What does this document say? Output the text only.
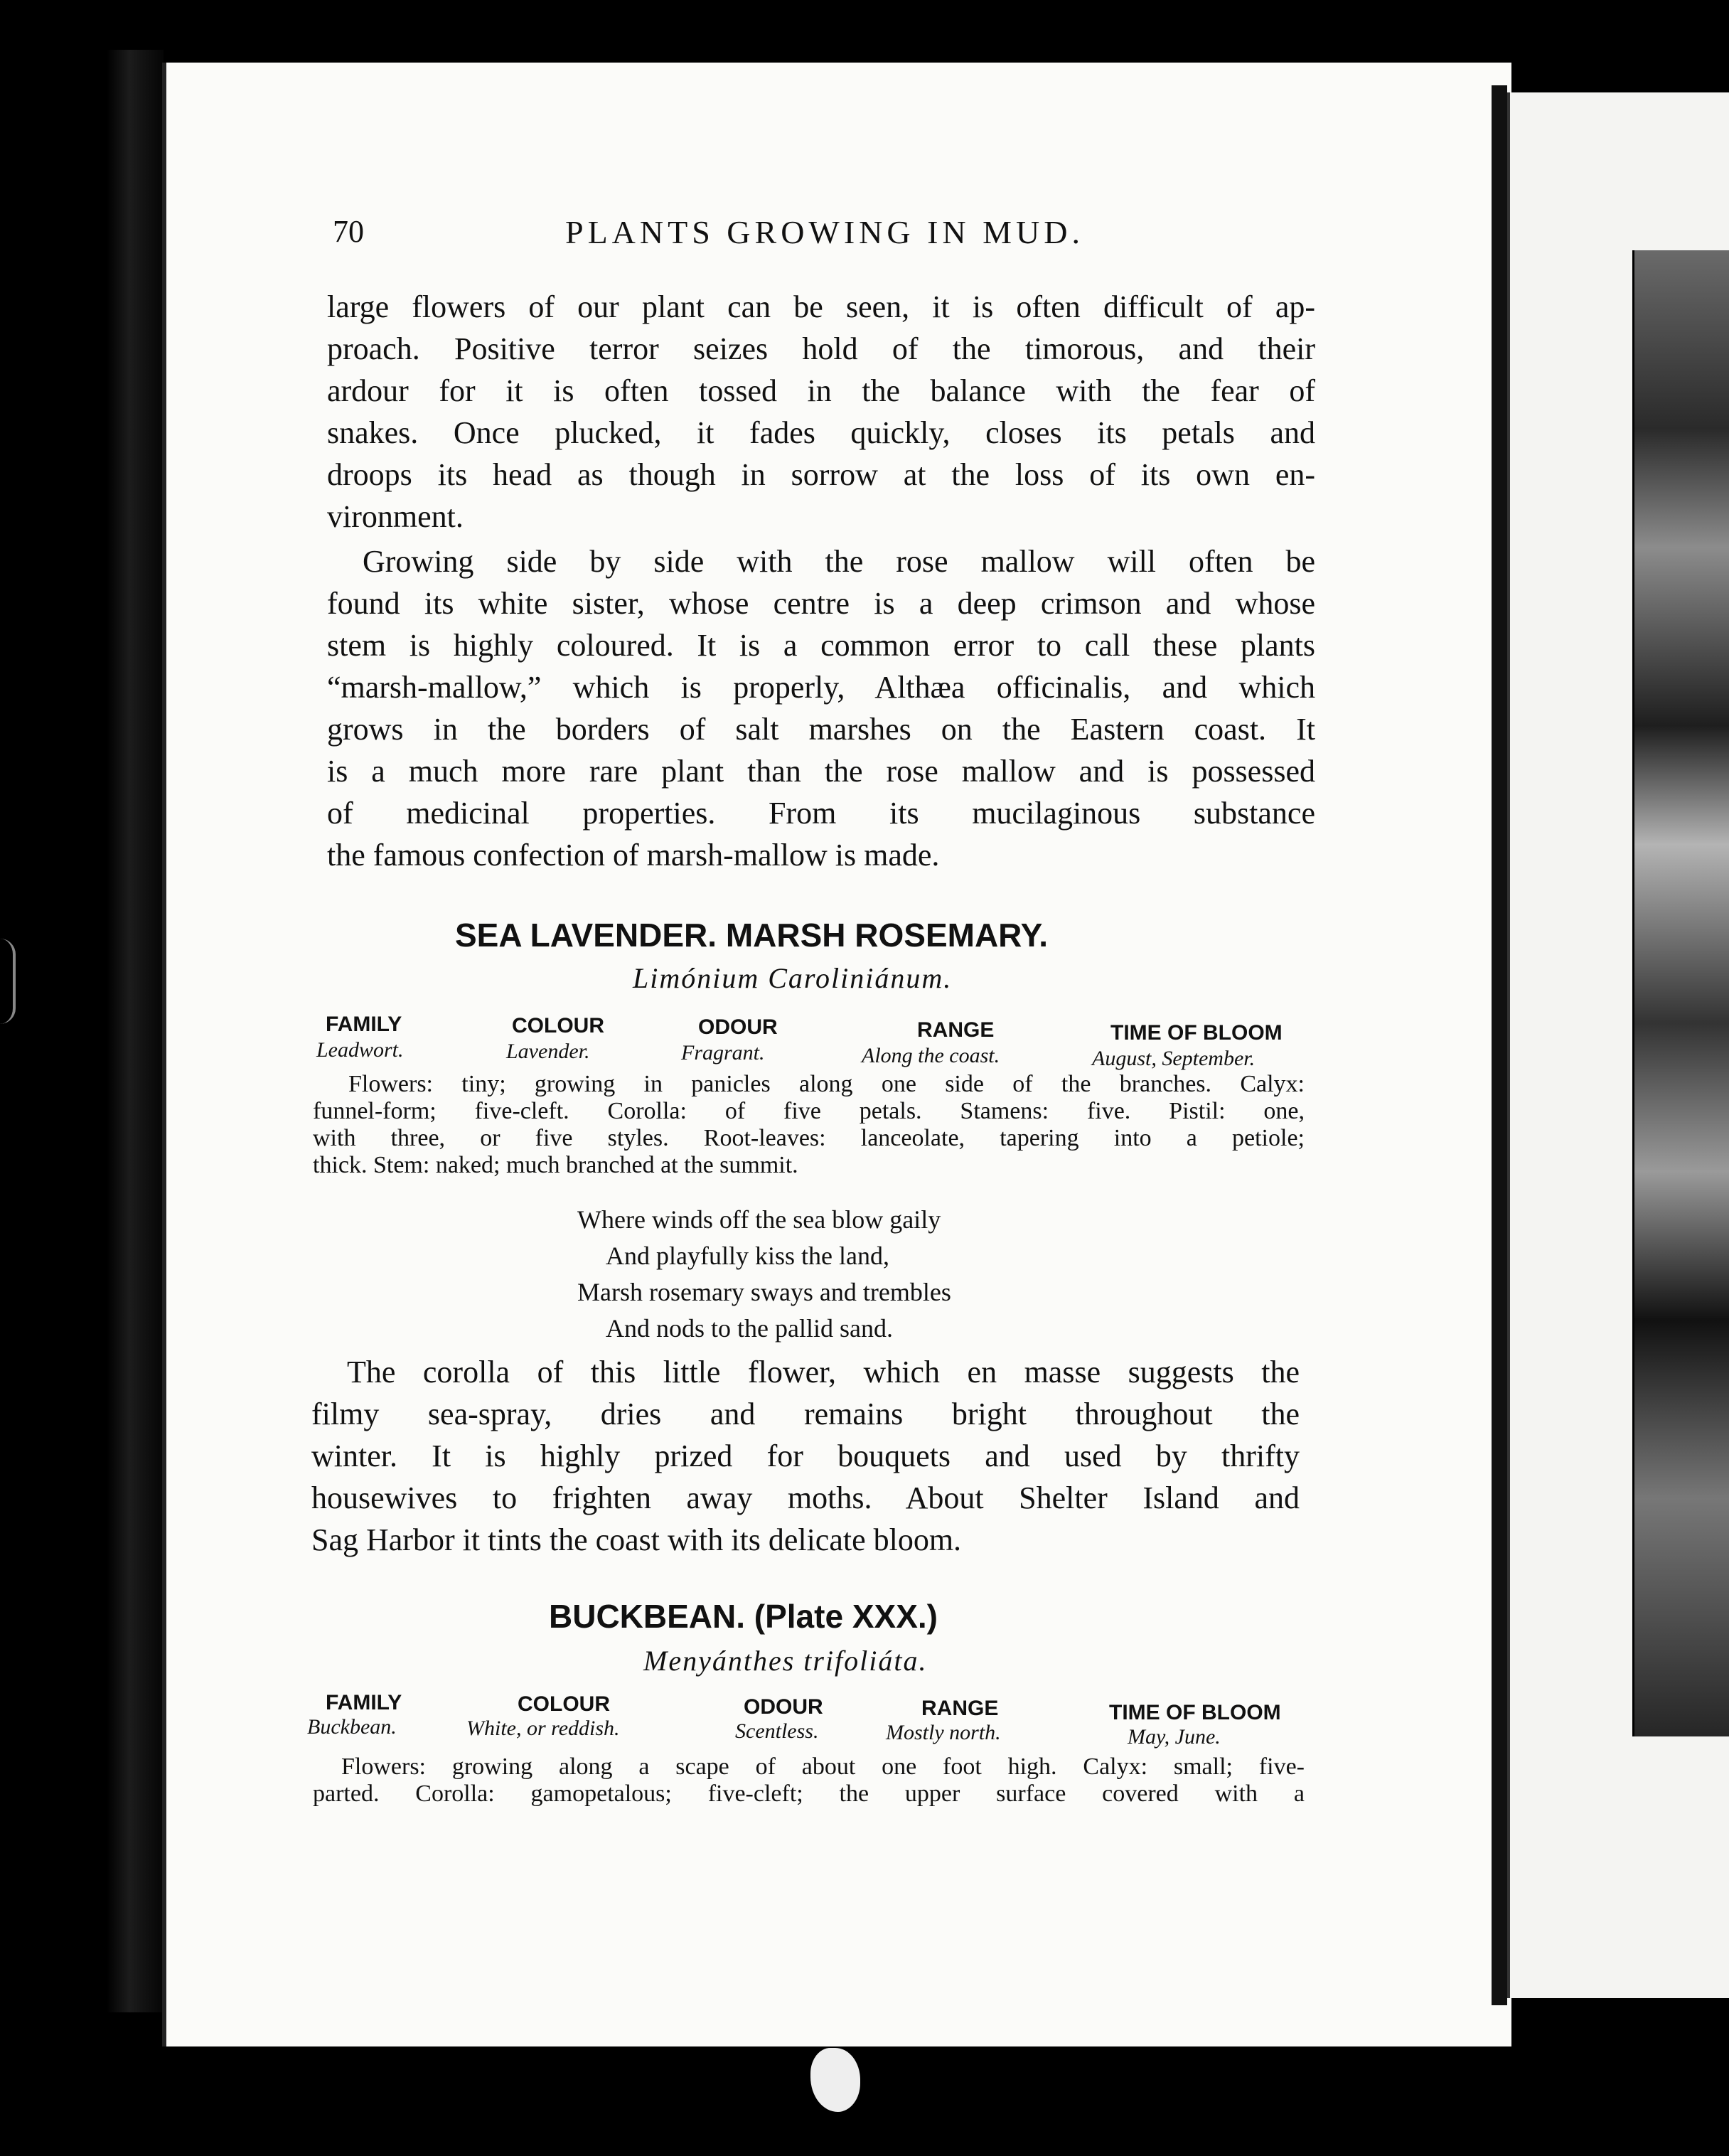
70	PLANTS GROWING IN MUD.
large flowers of our plant can be seen, it is often difficult of ap-
proach. Positive terror seizes hold of the timorous, and their
ardour for it is often tossed in the balance with the fear of
snakes. Once plucked, it fades quickly, closes its petals and
droops its head as though in sorrow at the loss of its own en-
vironment.
Growing side by side with the rose mallow will often be
found its white sister, whose centre is a deep crimson and whose
stem is highly coloured. It is a common error to call these plants
“marsh-mallow,” which is properly, Althæa officinalis, and which
grows in the borders of salt marshes on the Eastern coast. It
is a much more rare plant than the rose mallow and is possessed
of medicinal properties. From its mucilaginous substance
the famous confection of marsh-mallow is made.
SEA LAVENDER. MARSH ROSEMARY.
Limónium Caroliniánum.
FAMILY	COLOUR	ODOUR	RANGE	TIME OF BLOOM
Leadwort.	Lavender.	Fragrant.	Along the coast.	August, September.
Flowers: tiny; growing in panicles along one side of the branches. Calyx:
funnel-form; five-cleft. Corolla: of five petals. Stamens: five. Pistil: one,
with three, or five styles. Root-leaves: lanceolate, tapering into a petiole;
thick. Stem: naked; much branched at the summit.
Where winds off the sea blow gaily
And playfully kiss the land,
Marsh rosemary sways and trembles
And nods to the pallid sand.
The corolla of this little flower, which en masse suggests the
filmy sea-spray, dries and remains bright throughout the
winter. It is highly prized for bouquets and used by thrifty
housewives to frighten away moths. About Shelter Island and
Sag Harbor it tints the coast with its delicate bloom.
BUCKBEAN. (Plate XXX.)
Menyánthes trifoliáta.
FAMILY	COLOUR	ODOUR	RANGE	TIME OF BLOOM
Buckbean.	White, or reddish.	Scentless.	Mostly north.	May, June.
Flowers: growing along a scape of about one foot high. Calyx: small; five-
parted. Corolla: gamopetalous; five-cleft; the upper surface covered with a
